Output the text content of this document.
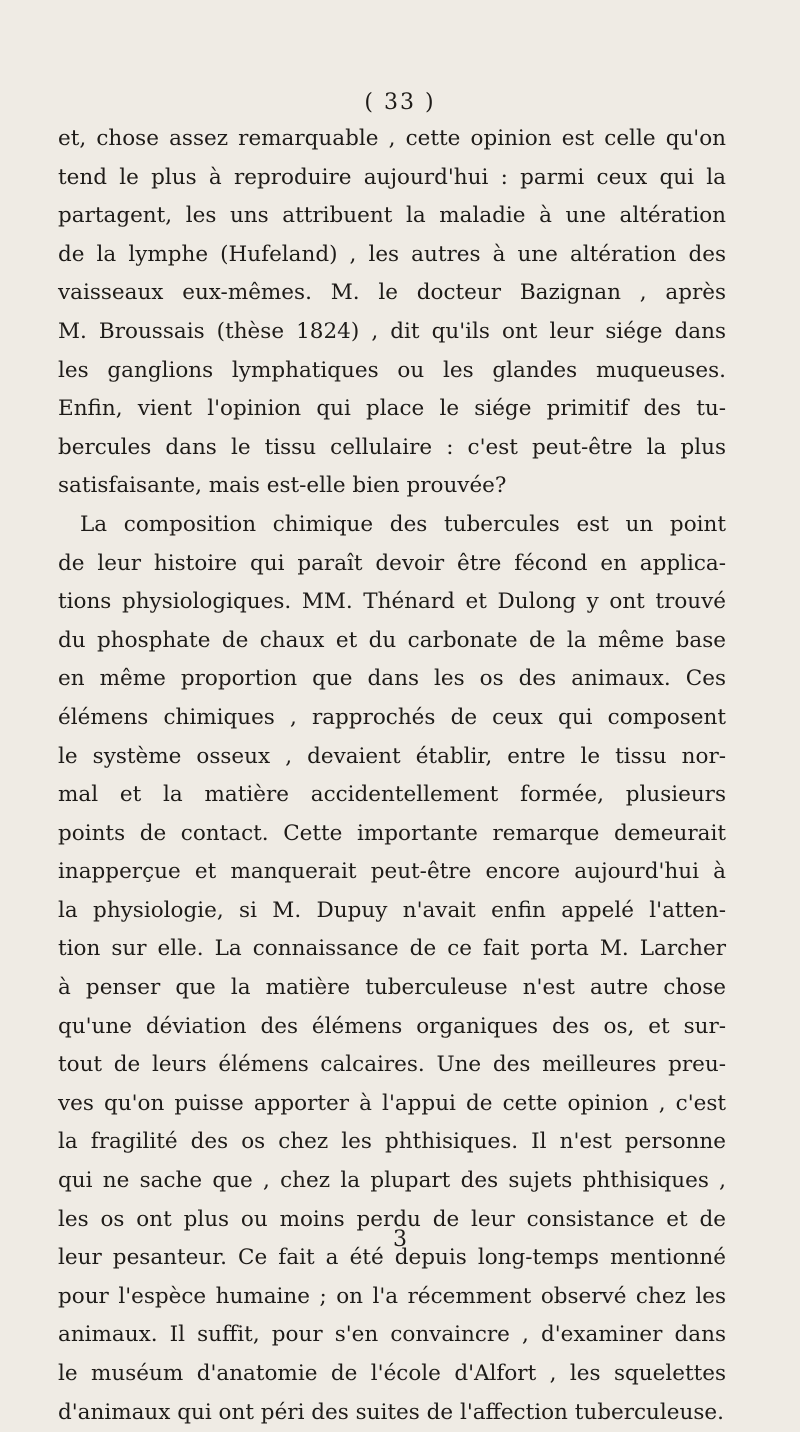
( 33 )
et, chose assez remarquable , cette opinion est celle qu'on
tend le plus à reproduire aujourd'hui : parmi ceux qui la
partagent, les uns attribuent la maladie à une altération
de la lymphe (Hufeland) , les autres à une altération des
vaisseaux eux-mêmes. M. le docteur Bazignan , après
M. Broussais (thèse 1824) , dit qu'ils ont leur siége dans
les ganglions lymphatiques ou les glandes muqueuses.
Enfin, vient l'opinion qui place le siége primitif des tu-
bercules dans le tissu cellulaire : c'est peut-être la plus
satisfaisante, mais est-elle bien prouvée?
La composition chimique des tubercules est un point
de leur histoire qui paraît devoir être fécond en applica-
tions physiologiques. MM. Thénard et Dulong y ont trouvé
du phosphate de chaux et du carbonate de la même base
en même proportion que dans les os des animaux. Ces
élémens chimiques , rapprochés de ceux qui composent
le système osseux , devaient établir, entre le tissu nor-
mal et la matière accidentellement formée, plusieurs
points de contact. Cette importante remarque demeurait
inapperçue et manquerait peut-être encore aujourd'hui à
la physiologie, si M. Dupuy n'avait enfin appelé l'atten-
tion sur elle. La connaissance de ce fait porta M. Larcher
à penser que la matière tuberculeuse n'est autre chose
qu'une déviation des élémens organiques des os, et sur-
tout de leurs élémens calcaires. Une des meilleures preu-
ves qu'on puisse apporter à l'appui de cette opinion , c'est
la fragilité des os chez les phthisiques. Il n'est personne
qui ne sache que , chez la plupart des sujets phthisiques ,
les os ont plus ou moins perdu de leur consistance et de
leur pesanteur. Ce fait a été depuis long-temps mentionné
pour l'espèce humaine ; on l'a récemment observé chez les
animaux. Il suffit, pour s'en convaincre , d'examiner dans
le muséum d'anatomie de l'école d'Alfort , les squelettes
d'animaux qui ont péri des suites de l'affection tuberculeuse.
3
